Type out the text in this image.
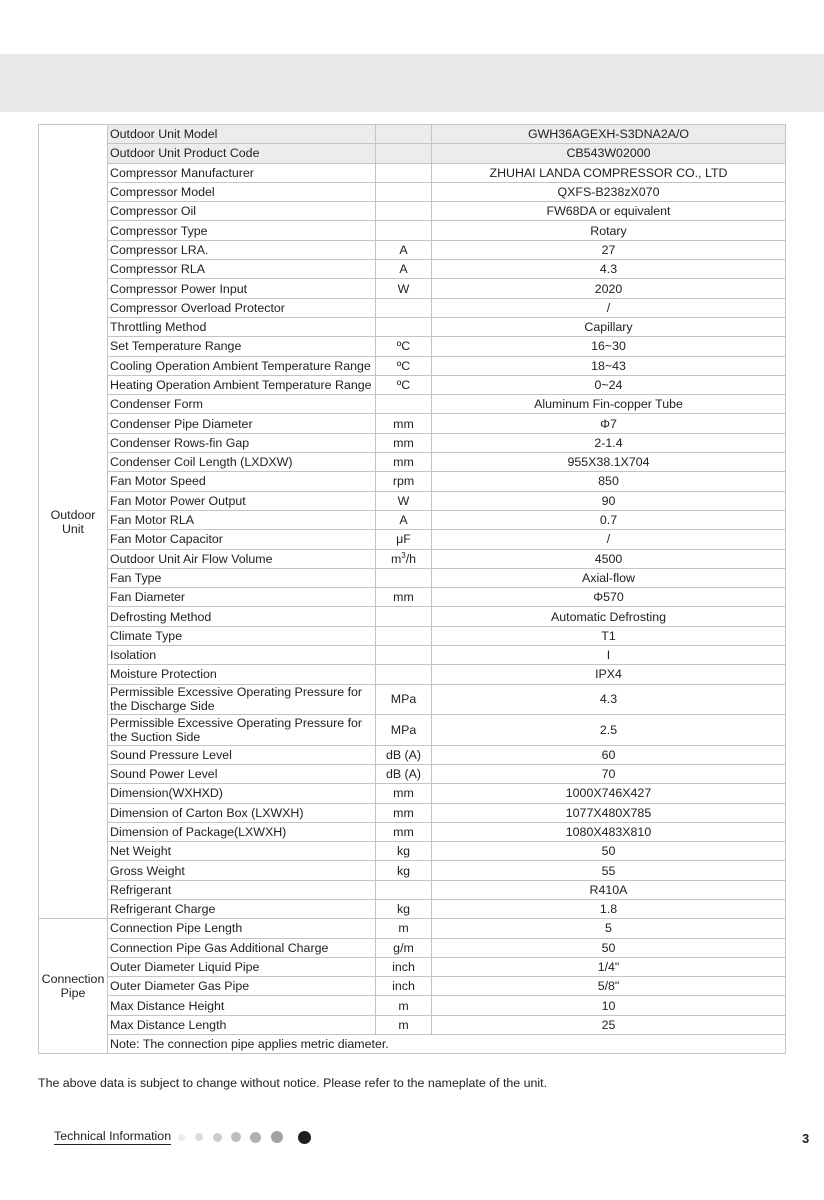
Outdoor Unit	Outdoor Unit Model		GWH36AGEXH-S3DNA2A/O
	Outdoor Unit Product Code		CB543W02000
	Compressor Manufacturer		ZHUHAI LANDA COMPRESSOR CO., LTD
	Compressor Model		QXFS-B238zX070
	Compressor Oil		FW68DA or equivalent
	Compressor Type		Rotary
	Compressor LRA.	A	27
	Compressor RLA	A	4.3
	Compressor Power Input	W	2020
	Compressor Overload Protector		/
	Throttling Method		Capillary
	Set Temperature Range	ºC	16~30
	Cooling Operation Ambient Temperature Range	ºC	18~43
	Heating Operation Ambient Temperature Range	ºC	0~24
	Condenser Form		Aluminum Fin-copper Tube
	Condenser Pipe Diameter	mm	Φ7
	Condenser Rows-fin Gap	mm	2-1.4
	Condenser Coil Length (LXDXW)	mm	955X38.1X704
	Fan Motor Speed	rpm	850
	Fan Motor Power Output	W	90
	Fan Motor RLA	A	0.7
	Fan Motor Capacitor	μF	/
	Outdoor Unit Air Flow Volume	$m^3/h$	4500
	Fan Type		Axial-flow
	Fan Diameter	mm	Φ570
	Defrosting Method		Automatic Defrosting
	Climate Type		T1
	Isolation		I
	Moisture Protection		IPX4
	Permissible Excessive Operating Pressure for the Discharge Side	MPa	4.3
	Permissible Excessive Operating Pressure for the Suction Side	MPa	2.5
	Sound Pressure Level	dB (A)	60
	Sound Power Level	dB (A)	70
	Dimension(WXHXD)	mm	1000X746X427
	Dimension of Carton Box (LXWXH)	mm	1077X480X785
	Dimension of Package(LXWXH)	mm	1080X483X810
	Net Weight	kg	50
	Gross Weight	kg	55
	Refrigerant		R410A
	Refrigerant Charge	kg	1.8
Connection Pipe	Connection Pipe Length	m	5
	Connection Pipe Gas Additional Charge	g/m	50
	Outer Diameter Liquid Pipe	inch	1/4"
	Outer Diameter Gas Pipe	inch	5/8"
	Max Distance Height	m	10
	Max Distance Length	m	25
	Note: The connection pipe applies metric diameter.		
The above data is subject to change without notice. Please refer to the nameplate of the unit.
Technical Information	3
